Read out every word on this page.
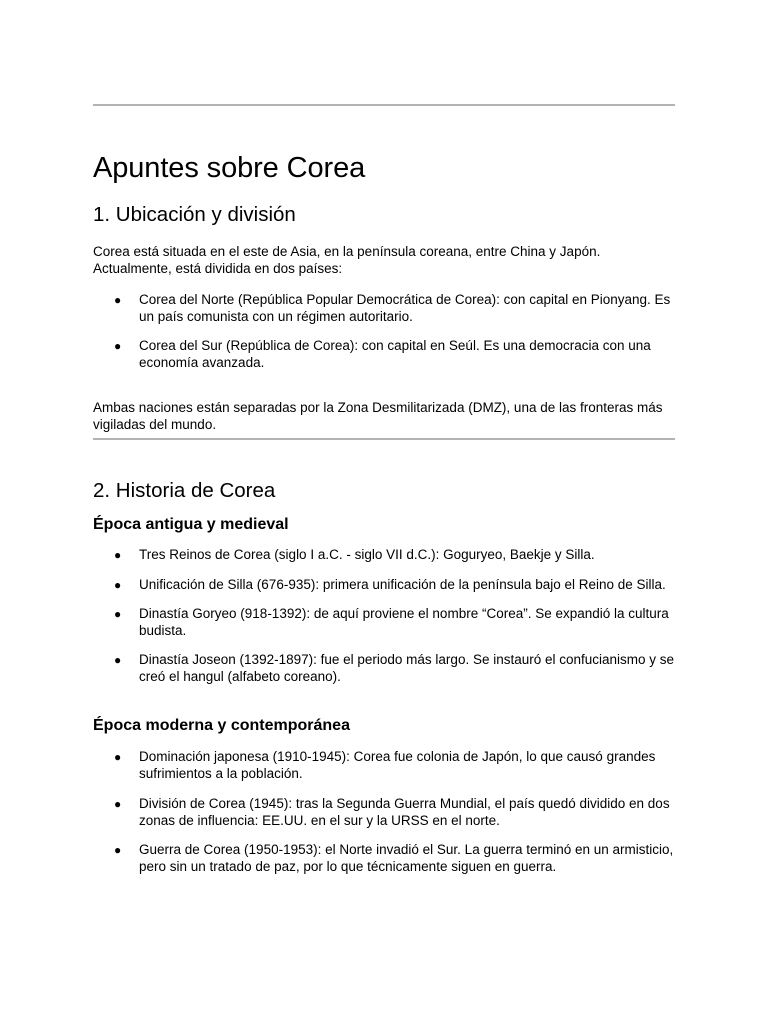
Apuntes sobre Corea
1. Ubicación y división

Corea está situada en el este de Asia, en la península coreana, entre China y Japón. Actualmente, está dividida en dos países:

● Corea del Norte (República Popular Democrática de Corea): con capital en Pionyang. Es un país comunista con un régimen autoritario.
● Corea del Sur (República de Corea): con capital en Seúl. Es una democracia con una economía avanzada.

Ambas naciones están separadas por la Zona Desmilitarizada (DMZ), una de las fronteras más vigiladas del mundo.

2. Historia de Corea
Época antigua y medieval
● Tres Reinos de Corea (siglo I a.C. - siglo VII d.C.): Goguryeo, Baekje y Silla.
● Unificación de Silla (676-935): primera unificación de la península bajo el Reino de Silla.
● Dinastía Goryeo (918-1392): de aquí proviene el nombre “Corea”. Se expandió la cultura budista.
● Dinastía Joseon (1392-1897): fue el periodo más largo. Se instauró el confucianismo y se creó el hangul (alfabeto coreano).
Época moderna y contemporánea
● Dominación japonesa (1910-1945): Corea fue colonia de Japón, lo que causó grandes sufrimientos a la población.
● División de Corea (1945): tras la Segunda Guerra Mundial, el país quedó dividido en dos zonas de influencia: EE.UU. en el sur y la URSS en el norte.
● Guerra de Corea (1950-1953): el Norte invadió el Sur. La guerra terminó en un armisticio, pero sin un tratado de paz, por lo que técnicamente siguen en guerra.
